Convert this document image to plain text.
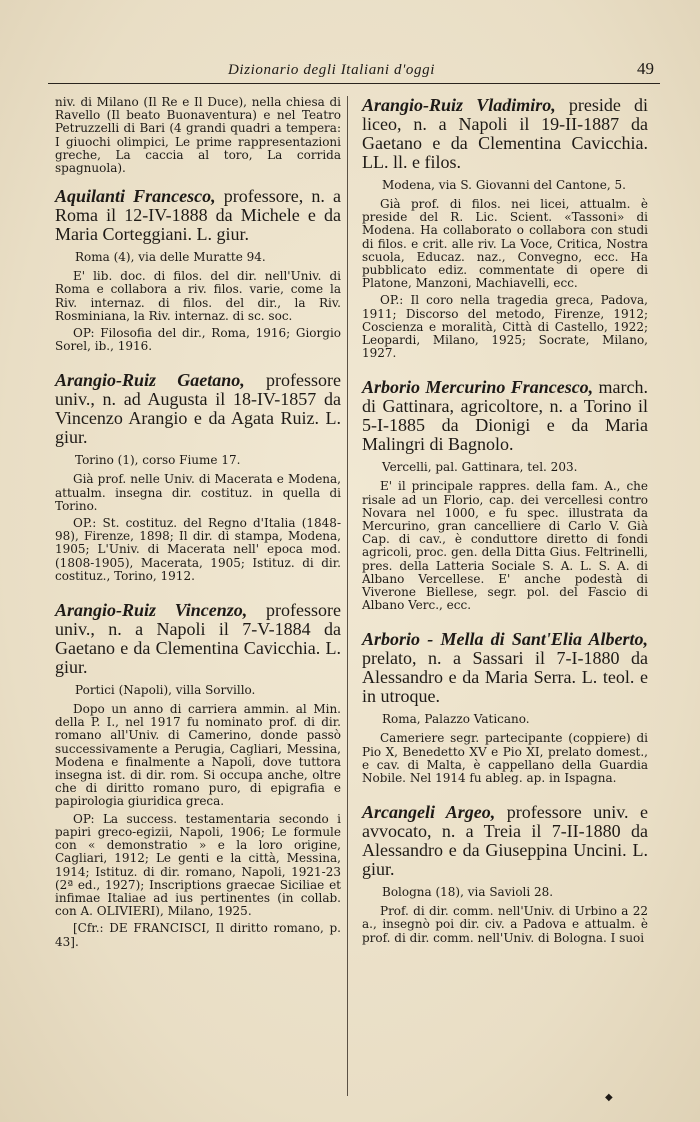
Dizionario degli Italiani d'oggi	49

niv. di Milano (Il Re e Il Duce), nella chiesa di Ravello (Il beato Buonaventura) e nel Teatro Petruzzelli di Bari (4 grandi quadri a tempera: I giuochi olimpici, Le prime rappresentazioni greche, La caccia al toro, La corrida spagnuola).

Aquilanti Francesco, professore, n. a Roma il 12-IV-1888 da Michele e da Maria Corteggiani. L. giur.
Roma (4), via delle Muratte 94.

E' lib. doc. di filos. del dir. nell'Univ. di Roma e collabora a riv. filos. varie, come la Riv. internaz. di filos. del dir., la Riv. Rosminiana, la Riv. internaz. di sc. soc.

OP: Filosofia del dir., Roma, 1916; Giorgio Sorel, ib., 1916.

Arangio-Ruiz Gaetano, professore univ., n. ad Augusta il 18-IV-1857 da Vincenzo Arangio e da Agata Ruiz. L. giur.
Torino (1), corso Fiume 17.

Già prof. nelle Univ. di Macerata e Modena, attualm. insegna dir. costituz. in quella di Torino.

OP.: St. costituz. del Regno d'Italia (1848-98), Firenze, 1898; Il dir. di stampa, Modena, 1905; L'Univ. di Macerata nell' epoca mod. (1808-1905), Macerata, 1905; Istituz. di dir. costituz., Torino, 1912.

Arangio-Ruiz Vincenzo, professore univ., n. a Napoli il 7-V-1884 da Gaetano e da Clementina Cavicchia. L. giur.
Portici (Napoli), villa Sorvillo.

Dopo un anno di carriera ammin. al Min. della P. I., nel 1917 fu nominato prof. di dir. romano all'Univ. di Camerino, donde passò successivamente a Perugia, Cagliari, Messina, Modena e finalmente a Napoli, dove tuttora insegna ist. di dir. rom. Si occupa anche, oltre che di diritto romano puro, di epigrafia e papirologia giuridica greca.

OP: La success. testamentaria secondo i papiri greco-egizii, Napoli, 1906; Le formule con « demonstratio » e la loro origine, Cagliari, 1912; Le genti e la città, Messina, 1914; Istituz. di dir. romano, Napoli, 1921-23 (2ª ed., 1927); Inscriptions graecae Siciliae et infimae Italiae ad ius pertinentes (in collab. con A. OLIVIERI), Milano, 1925.

[Cfr.: DE FRANCISCI, Il diritto romano, p. 43].

Arangio-Ruiz Vladimiro, preside di liceo, n. a Napoli il 19-II-1887 da Gaetano e da Clementina Cavicchia. LL. ll. e filos.
Modena, via S. Giovanni del Cantone, 5.

Già prof. di filos. nei licei, attualm. è preside del R. Lic. Scient. «Tassoni» di Modena. Ha collaborato o collabora con studi di filos. e crit. alle riv. La Voce, Critica, Nostra scuola, Educaz. naz., Convegno, ecc. Ha pubblicato ediz. commentate di opere di Platone, Manzoni, Machiavelli, ecc.

OP.: Il coro nella tragedia greca, Padova, 1911; Discorso del metodo, Firenze, 1912; Coscienza e moralità, Città di Castello, 1922; Leopardi, Milano, 1925; Socrate, Milano, 1927.

Arborio Mercurino Francesco, march. di Gattinara, agricoltore, n. a Torino il 5-I-1885 da Dionigi e da Maria Malingri di Bagnolo.
Vercelli, pal. Gattinara, tel. 203.

E' il principale rappres. della fam. A., che risale ad un Florio, cap. dei vercellesi contro Novara nel 1000, e fu spec. illustrata da Mercurino, gran cancelliere di Carlo V. Già Cap. di cav., è conduttore diretto di fondi agricoli, proc. gen. della Ditta Gius. Feltrinelli, pres. della Latteria Sociale S. A. L. S. A. di Albano Vercellese. E' anche podestà di Viverone Biellese, segr. pol. del Fascio di Albano Verc., ecc.

Arborio - Mella di Sant'Elia Alberto, prelato, n. a Sassari il 7-I-1880 da Alessandro e da Maria Serra. L. teol. e in utroque.
Roma, Palazzo Vaticano.

Cameriere segr. partecipante (coppiere) di Pio X, Benedetto XV e Pio XI, prelato domest., e cav. di Malta, è cappellano della Guardia Nobile. Nel 1914 fu ableg. ap. in Ispagna.

Arcangeli Argeo, professore univ. e avvocato, n. a Treia il 7-II-1880 da Alessandro e da Giuseppina Uncini. L. giur.
Bologna (18), via Savioli 28.

Prof. di dir. comm. nell'Univ. di Urbino a 22 a., insegnò poi dir. civ. a Padova e attualm. è prof. di dir. comm. nell'Univ. di Bologna. I suoi

◆
